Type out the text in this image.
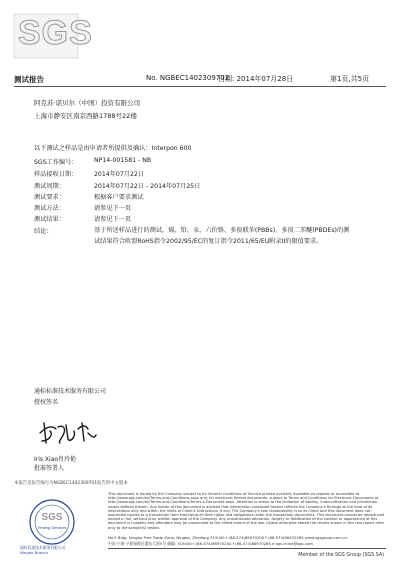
SGS
测试报告	No. NGBEC1402309702
日期: 2014年07月28日	第1页,共5页
阿克苏·诺贝尔（中国）投资有限公司
上海市静安区南京西路1788号22楼
以下测试之样品是由申请者所提供及确认：Interpon 600
SGS工作编号：	NP14-001581 - NB
样品接收日期：	2014年07月22日
测试周期：	2014年07月22日 - 2014年07月25日
测试要求：	根据客户要求测试
测试方法：	请参见下一页
测试结果：	请参见下一页
结论：	基于所送样品进行的测试，镉、铅、汞、六价铬、多溴联苯(PBBs)、多溴二苯醚(PBDEs)的测试结果符合欧盟RoHS指令2002/95/EC的复订指令2011/65/EU附录II的限值要求。
通标标准技术服务有限公司
授权签名
Iris Xiao肖玲艳
批准签署人
本报告是报告编号为NGBEC1402309701报告的中文版本
SGS
Testing Services
通标标准技术服务有限公司
Ningbo Branch
This document is issued by the Company subject to its General Conditions of Service printed overleaf, available on request or accessible at http://www.sgs.com/en/Terms-and-Conditions.aspx and, for electronic format documents, subject to Terms and Conditions for Electronic Documents at http://www.sgs.com/en/Terms-and-Conditions/Terms-e-Document.aspx. Attention is drawn to the limitation of liability, indemnification and jurisdiction issues defined therein. Any holder of this document is advised that information contained hereon reflects the Company's findings at the time of its intervention only and within the limits of Client's instructions, if any. The Company's sole responsibility is to its Client and this document does not exonerate parties to a transaction from exercising all their rights and obligations under the transaction documents. This document cannot be reproduced except in full, without prior written approval of the Company. Any unauthorized alteration, forgery or falsification of the content or appearance of this document is unlawful and offenders may be prosecuted to the fullest extent of the law. Unless otherwise stated the results shown in this test report refer only to the sample(s) tested.
No.5 Bldg, Ningbo Free Trade Zone, Ningbo, Zhejiang 315040 t (86-574)86970200 f (86-574)86970265 www.sgsgroup.com.cn
中国·宁波·宁波保税区港东大道5号 邮编: 315040 t (86-574)86970200 f (86-574)86970265 e sgs.china@sgs.com
Member of the SGS Group (SGS SA)
